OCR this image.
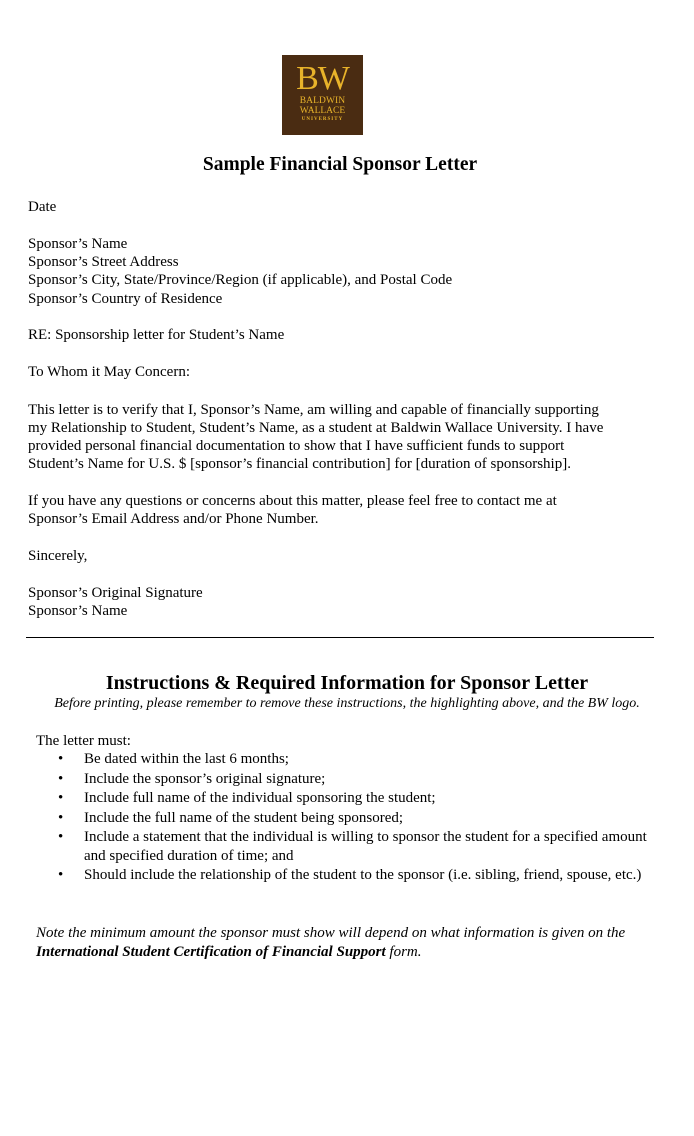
BW
BALDWIN
WALLACE
UNIVERSITY
Sample Financial Sponsor Letter
Date
Sponsor’s Name
Sponsor’s Street Address
Sponsor’s City, State/Province/Region (if applicable), and Postal Code
Sponsor’s Country of Residence
RE: Sponsorship letter for Student’s Name
To Whom it May Concern:
This letter is to verify that I, Sponsor’s Name, am willing and capable of financially supporting
my Relationship to Student, Student’s Name, as a student at Baldwin Wallace University. I have
provided personal financial documentation to show that I have sufficient funds to support
Student’s Name for U.S. $ [sponsor’s financial contribution] for [duration of sponsorship].
If you have any questions or concerns about this matter, please feel free to contact me at
Sponsor’s Email Address and/or Phone Number.
Sincerely,
Sponsor’s Original Signature
Sponsor’s Name
Instructions & Required Information for Sponsor Letter
Before printing, please remember to remove these instructions, the highlighting above, and the BW logo.
The letter must:
• Be dated within the last 6 months;
• Include the sponsor’s original signature;
• Include full name of the individual sponsoring the student;
• Include the full name of the student being sponsored;
• Include a statement that the individual is willing to sponsor the student for a specified amount and specified duration of time; and
• Should include the relationship of the student to the sponsor (i.e. sibling, friend, spouse, etc.)
Note the minimum amount the sponsor must show will depend on what information is given on the International Student Certification of Financial Support form.
